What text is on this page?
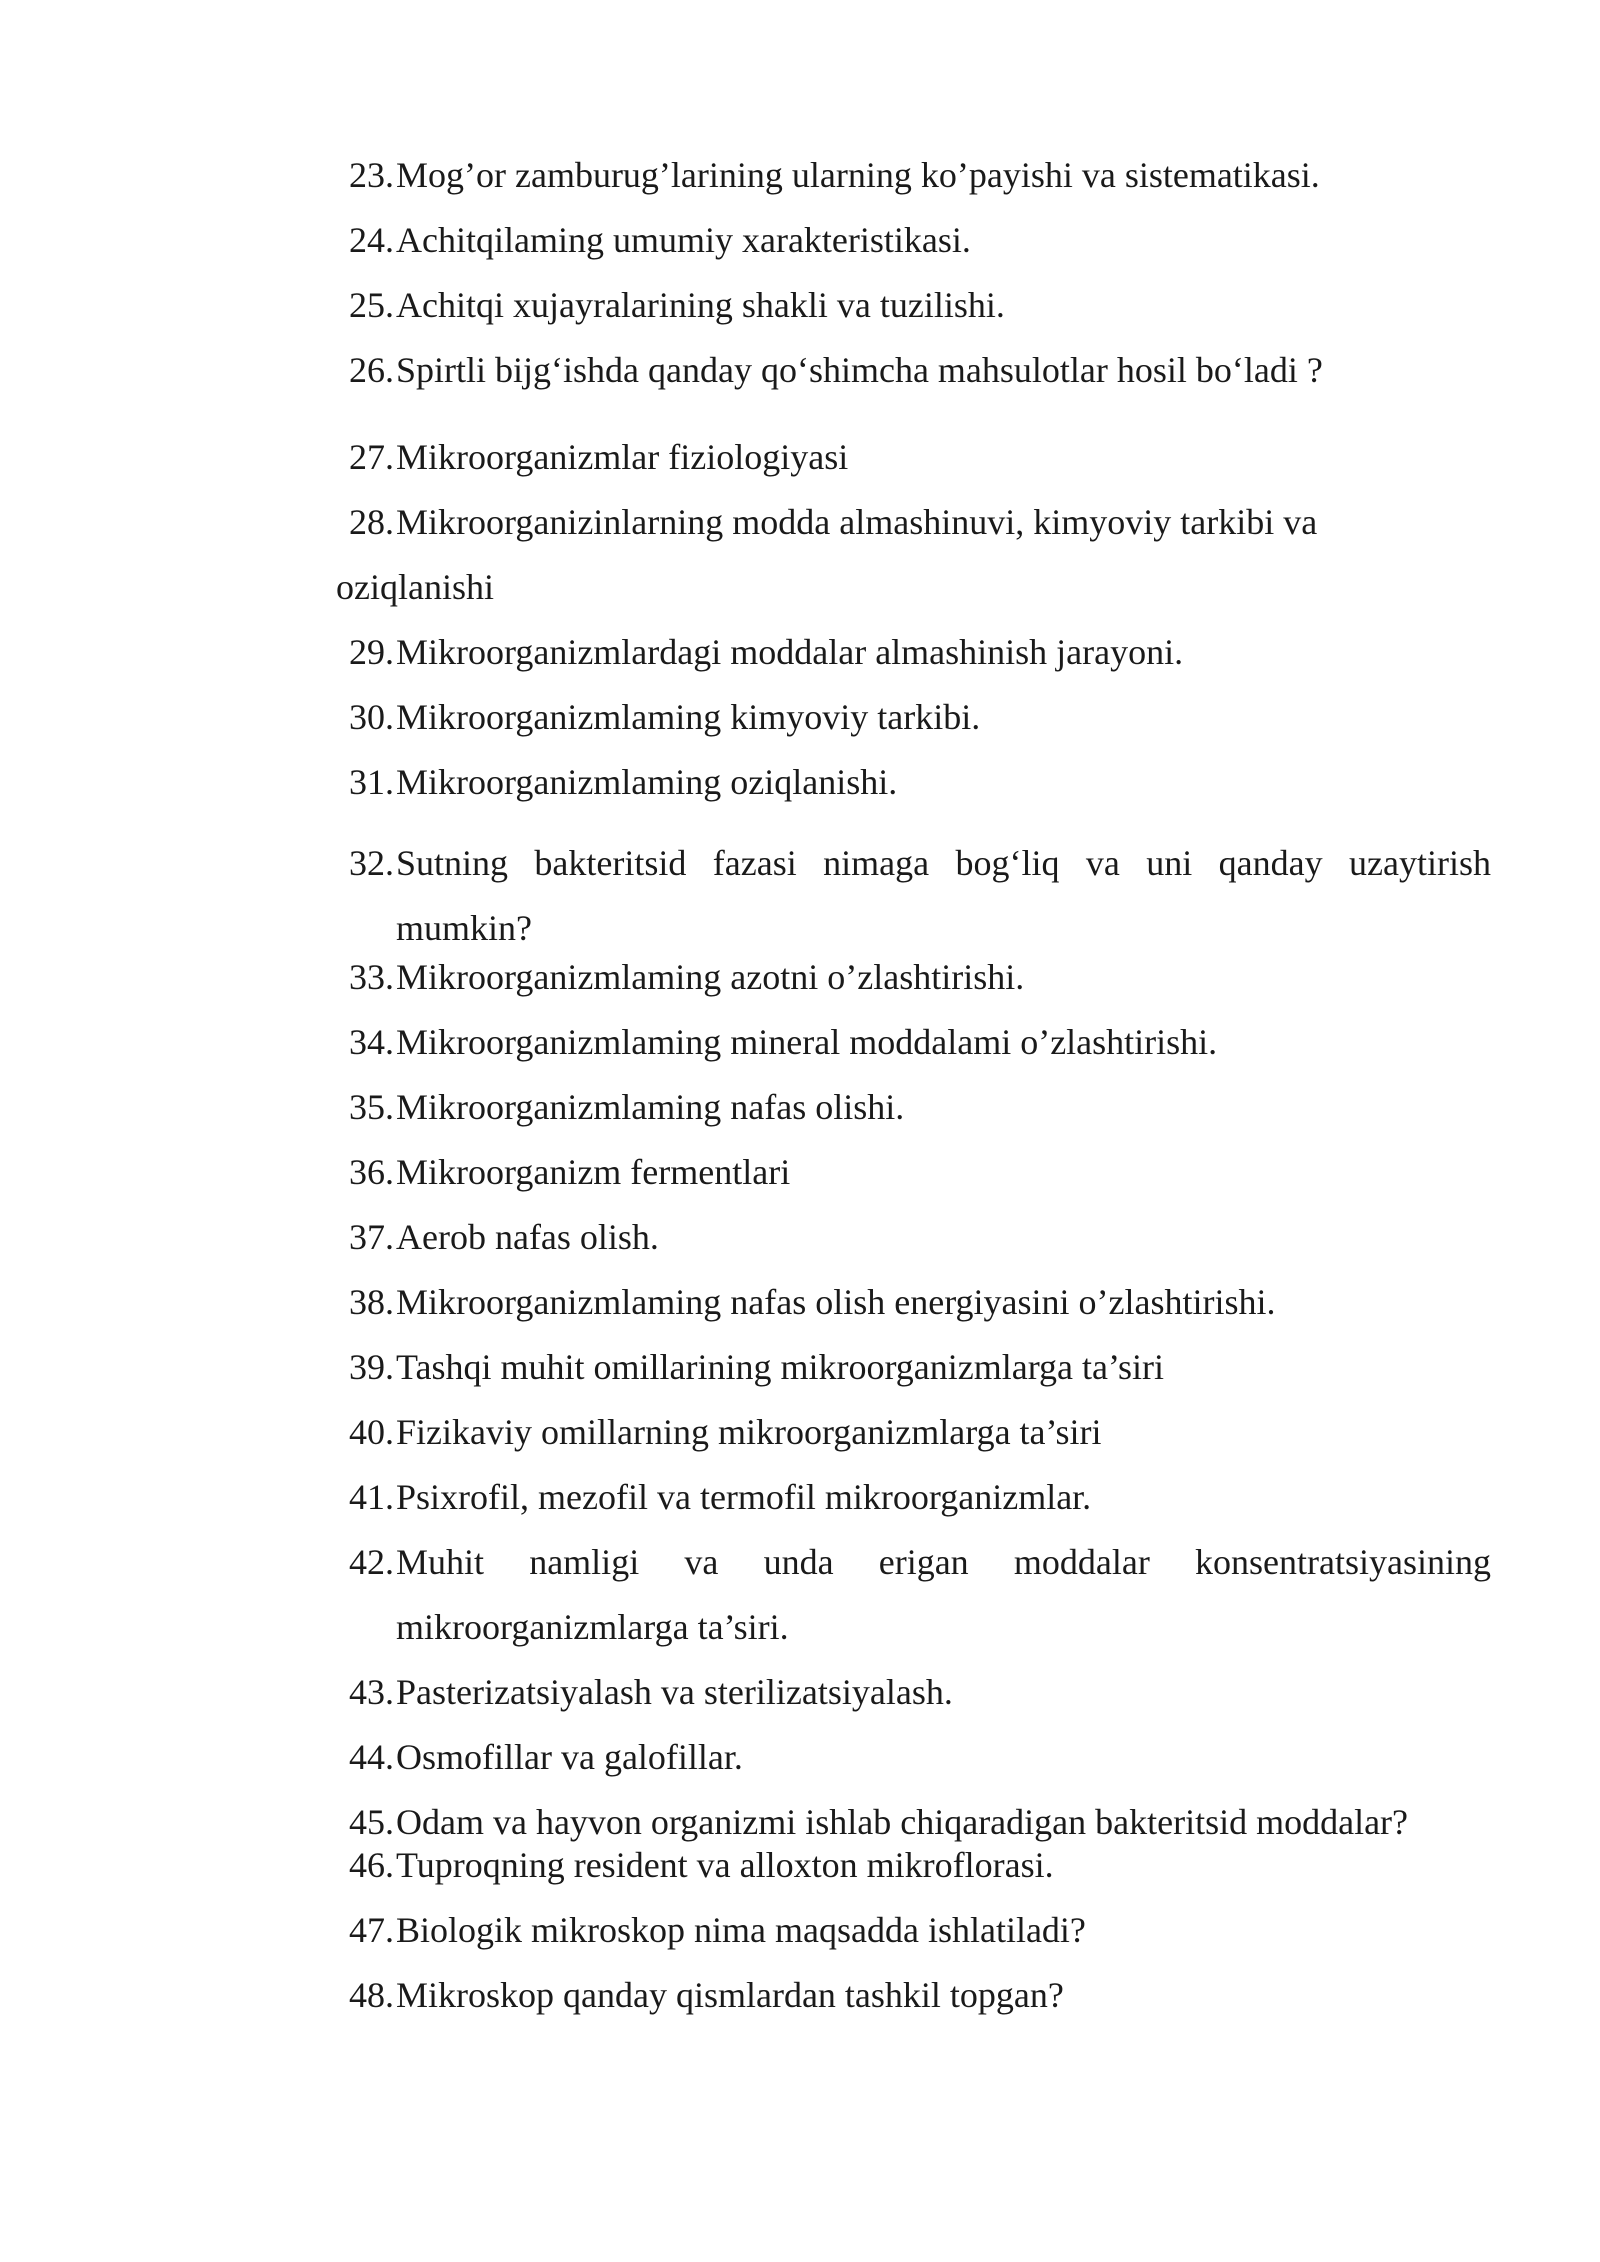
23. Mog’or zamburug’larining ularning ko’payishi va sistematikasi.
24. Achitqilaming umumiy xarakteristikasi.
25. Achitqi xujayralarining shakli va tuzilishi.
26. Spirtli bijg‘ishda qanday qo‘shimcha mahsulotlar hosil bo‘ladi ?
27. Mikroorganizmlar fiziologiyasi
28. Mikroorganizinlarning modda almashinuvi, kimyoviy tarkibi va
oziqlanishi
29. Mikroorganizmlardagi moddalar almashinish jarayoni.
30. Mikroorganizmlaming kimyoviy tarkibi.
31. Mikroorganizmlaming oziqlanishi.
32. Sutning bakteritsid fazasi nimaga bog‘liq va uni qanday uzaytirish
mumkin?
33. Mikroorganizmlaming azotni o’zlashtirishi.
34. Mikroorganizmlaming mineral moddalami o’zlashtirishi.
35. Mikroorganizmlaming nafas olishi.
36. Mikroorganizm fermentlari
37. Aerob nafas olish.
38. Mikroorganizmlaming nafas olish energiyasini o’zlashtirishi.
39. Tashqi muhit omillarining mikroorganizmlarga ta’siri
40. Fizikaviy omillarning mikroorganizmlarga ta’siri
41. Psixrofil, mezofil va termofil mikroorganizmlar.
42. Muhit namligi va unda erigan moddalar konsentratsiyasining
mikroorganizmlarga ta’siri.
43. Pasterizatsiyalash va sterilizatsiyalash.
44. Osmofillar va galofillar.
45. Odam va hayvon organizmi ishlab chiqaradigan bakteritsid moddalar?
46. Tuproqning resident va alloxton mikroflorasi.
47. Biologik mikroskop nima maqsadda ishlatiladi?
48. Mikroskop qanday qismlardan tashkil topgan?
